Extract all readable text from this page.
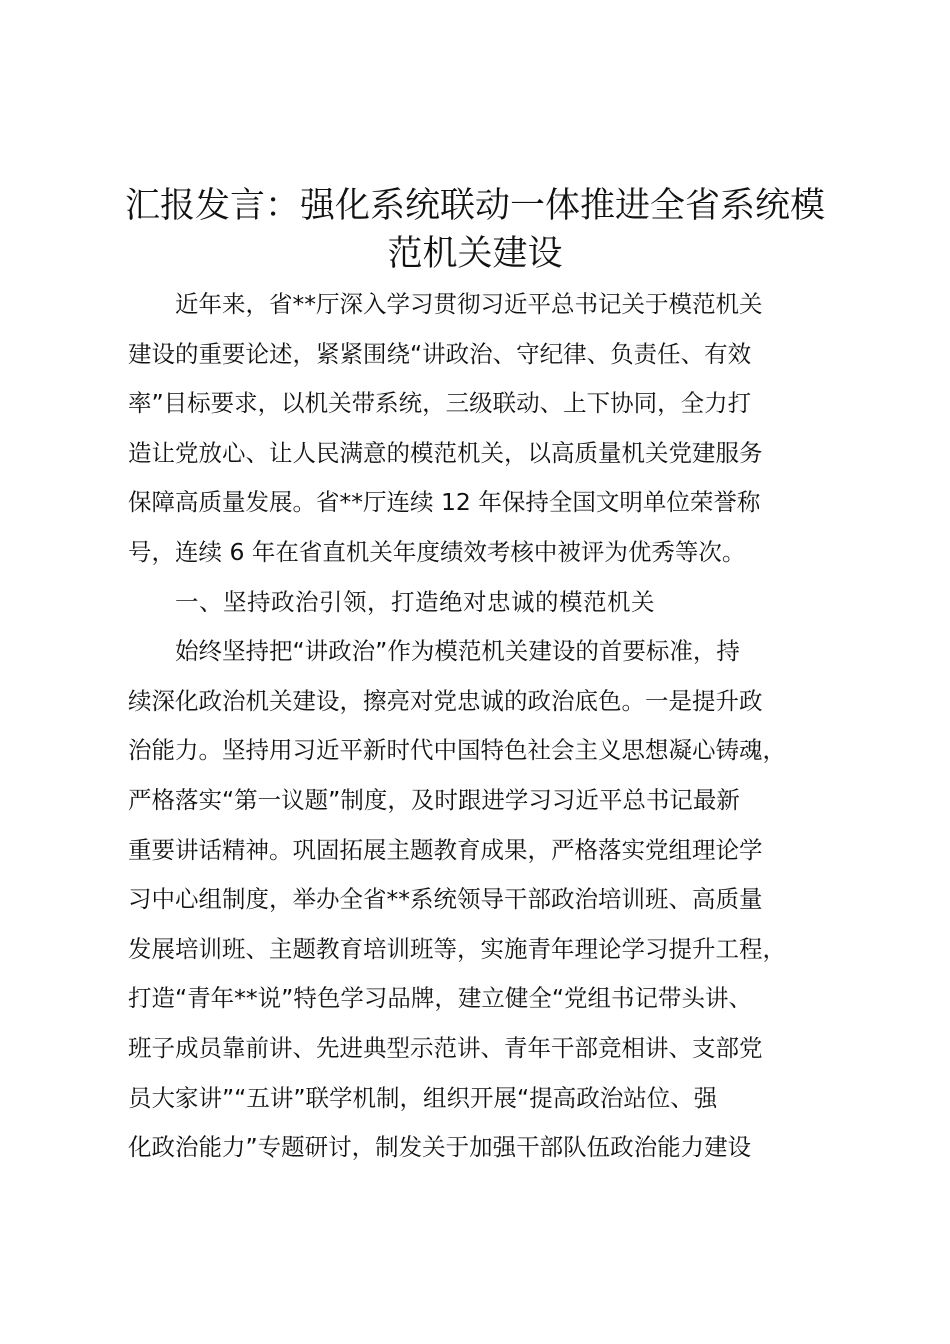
汇报发言：强化系统联动一体推进全省系统模
范机关建设
近年来，省**厅深入学习贯彻习近平总书记关于模范机关
建设的重要论述，紧紧围绕“讲政治、守纪律、负责任、有效
率”目标要求，以机关带系统，三级联动、上下协同，全力打
造让党放心、让人民满意的模范机关，以高质量机关党建服务
保障高质量发展。省**厅连续 12 年保持全国文明单位荣誉称
号，连续 6 年在省直机关年度绩效考核中被评为优秀等次。
一、坚持政治引领，打造绝对忠诚的模范机关
始终坚持把“讲政治”作为模范机关建设的首要标准，持
续深化政治机关建设，擦亮对党忠诚的政治底色。一是提升政
治能力。坚持用习近平新时代中国特色社会主义思想凝心铸魂，
严格落实“第一议题”制度，及时跟进学习习近平总书记最新
重要讲话精神。巩固拓展主题教育成果，严格落实党组理论学
习中心组制度，举办全省**系统领导干部政治培训班、高质量
发展培训班、主题教育培训班等，实施青年理论学习提升工程，
打造“青年**说”特色学习品牌，建立健全“党组书记带头讲、
班子成员靠前讲、先进典型示范讲、青年干部竞相讲、支部党
员大家讲”“五讲”联学机制，组织开展“提高政治站位、强
化政治能力”专题研讨，制发关于加强干部队伍政治能力建设
